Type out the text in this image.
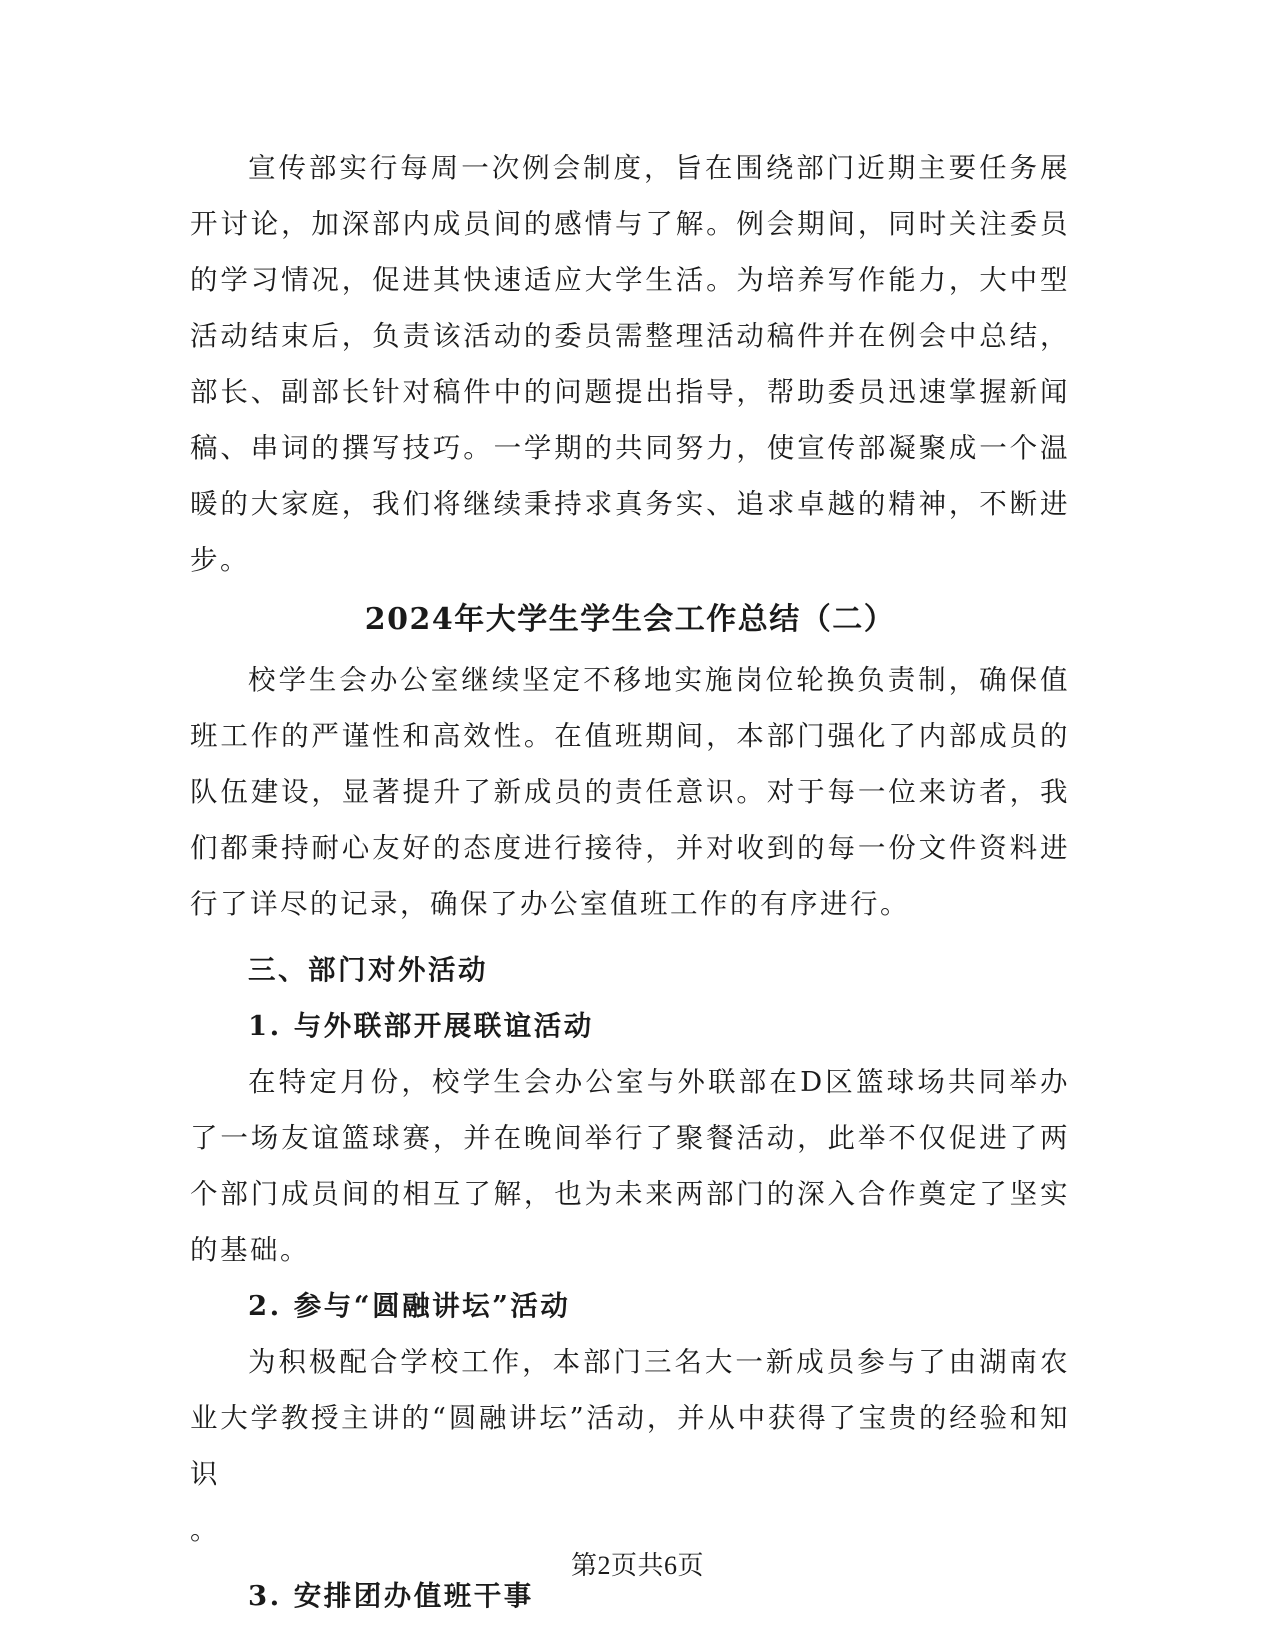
宣传部实行每周一次例会制度，旨在围绕部门近期主要任务展开讨论，加深部内成员间的感情与了解。例会期间，同时关注委员的学习情况，促进其快速适应大学生活。为培养写作能力，大中型活动结束后，负责该活动的委员需整理活动稿件并在例会中总结，部长、副部长针对稿件中的问题提出指导，帮助委员迅速掌握新闻稿、串词的撰写技巧。一学期的共同努力，使宣传部凝聚成一个温暖的大家庭，我们将继续秉持求真务实、追求卓越的精神，不断进步。

2024年大学生学生会工作总结（二）

校学生会办公室继续坚定不移地实施岗位轮换负责制，确保值班工作的严谨性和高效性。在值班期间，本部门强化了内部成员的队伍建设，显著提升了新成员的责任意识。对于每一位来访者，我们都秉持耐心友好的态度进行接待，并对收到的每一份文件资料进行了详尽的记录，确保了办公室值班工作的有序进行。

三、部门对外活动

1. 与外联部开展联谊活动

在特定月份，校学生会办公室与外联部在D区篮球场共同举办了一场友谊篮球赛，并在晚间举行了聚餐活动，此举不仅促进了两个部门成员间的相互了解，也为未来两部门的深入合作奠定了坚实的基础。

2. 参与“圆融讲坛”活动

为积极配合学校工作，本部门三名大一新成员参与了由湖南农业大学教授主讲的“圆融讲坛”活动，并从中获得了宝贵的经验和知识

。

3. 安排团办值班干事

第2页共6页
